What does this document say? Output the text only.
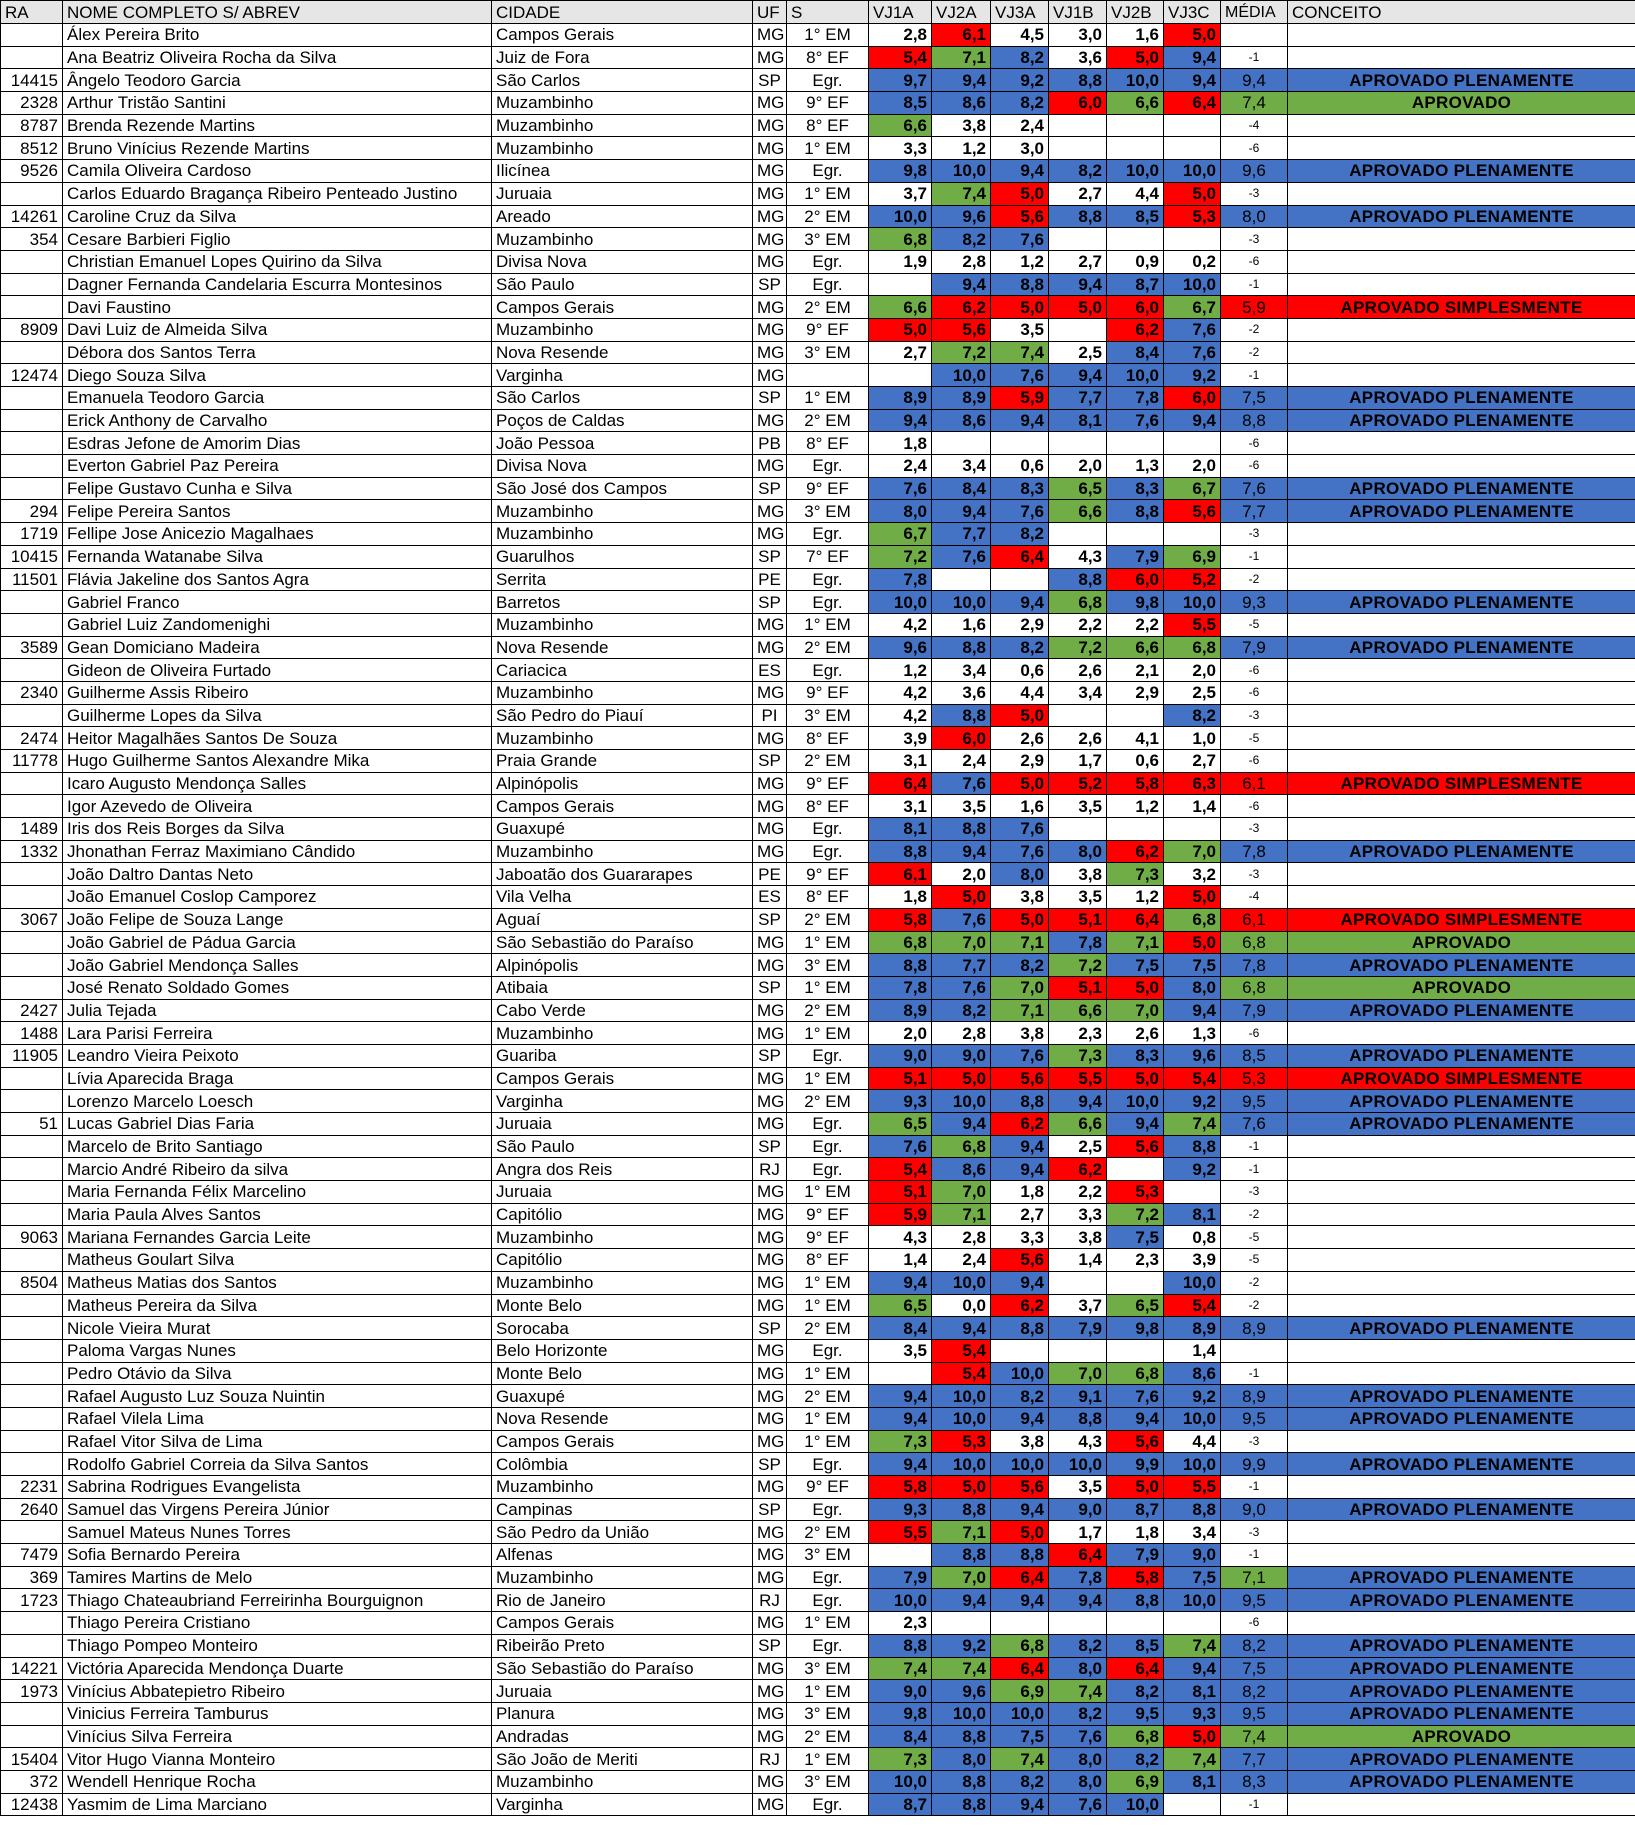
RA	NOME COMPLETO S/ ABREV	CIDADE	UF	S	VJ1A	VJ2A	VJ3A	VJ1B	VJ2B	VJ3C	MÉDIA	CONCEITO
	Álex Pereira Brito	Campos Gerais	MG	1° EM	2,8	6,1	4,5	3,0	1,6	5,0		
	Ana Beatriz Oliveira Rocha da Silva	Juiz de Fora	MG	8° EF	5,4	7,1	8,2	3,6	5,0	9,4	-1	
14415	Ângelo Teodoro Garcia	São Carlos	SP	Egr.	9,7	9,4	9,2	8,8	10,0	9,4	9,4	APROVADO PLENAMENTE
2328	Arthur Tristão Santini	Muzambinho	MG	9° EF	8,5	8,6	8,2	6,0	6,6	6,4	7,4	APROVADO
8787	Brenda Rezende Martins	Muzambinho	MG	8° EF	6,6	3,8	2,4				-4	
8512	Bruno Vinícius Rezende Martins	Muzambinho	MG	1° EM	3,3	1,2	3,0				-6	
9526	Camila Oliveira Cardoso	Ilicínea	MG	Egr.	9,8	10,0	9,4	8,2	10,0	10,0	9,6	APROVADO PLENAMENTE
	Carlos Eduardo Bragança Ribeiro Penteado Justino	Juruaia	MG	1° EM	3,7	7,4	5,0	2,7	4,4	5,0	-3	
14261	Caroline Cruz da Silva	Areado	MG	2° EM	10,0	9,6	5,6	8,8	8,5	5,3	8,0	APROVADO PLENAMENTE
354	Cesare Barbieri Figlio	Muzambinho	MG	3° EM	6,8	8,2	7,6				-3	
	Christian Emanuel Lopes Quirino da Silva	Divisa Nova	MG	Egr.	1,9	2,8	1,2	2,7	0,9	0,2	-6	
	Dagner Fernanda Candelaria Escurra Montesinos	São Paulo	SP	Egr.		9,4	8,8	9,4	8,7	10,0	-1	
	Davi Faustino	Campos Gerais	MG	2° EM	6,6	6,2	5,0	5,0	6,0	6,7	5,9	APROVADO SIMPLESMENTE
8909	Davi Luiz de Almeida Silva	Muzambinho	MG	9° EF	5,0	5,6	3,5		6,2	7,6	-2	
	Débora dos Santos Terra	Nova Resende	MG	3° EM	2,7	7,2	7,4	2,5	8,4	7,6	-2	
12474	Diego Souza Silva	Varginha	MG			10,0	7,6	9,4	10,0	9,2	-1	
	Emanuela Teodoro Garcia	São Carlos	SP	1° EM	8,9	8,9	5,9	7,7	7,8	6,0	7,5	APROVADO PLENAMENTE
	Erick Anthony de Carvalho	Poços de Caldas	MG	2° EM	9,4	8,6	9,4	8,1	7,6	9,4	8,8	APROVADO PLENAMENTE
	Esdras Jefone de Amorim Dias	João Pessoa	PB	8° EF	1,8						-6	
	Everton Gabriel Paz Pereira	Divisa Nova	MG	Egr.	2,4	3,4	0,6	2,0	1,3	2,0	-6	
	Felipe Gustavo Cunha e Silva	São José dos Campos	SP	9° EF	7,6	8,4	8,3	6,5	8,3	6,7	7,6	APROVADO PLENAMENTE
294	Felipe Pereira Santos	Muzambinho	MG	3° EM	8,0	9,4	7,6	6,6	8,8	5,6	7,7	APROVADO PLENAMENTE
1719	Fellipe Jose Anicezio Magalhaes	Muzambinho	MG	Egr.	6,7	7,7	8,2				-3	
10415	Fernanda Watanabe Silva	Guarulhos	SP	7° EF	7,2	7,6	6,4	4,3	7,9	6,9	-1	
11501	Flávia Jakeline dos Santos Agra	Serrita	PE	Egr.	7,8			8,8	6,0	5,2	-2	
	Gabriel Franco	Barretos	SP	Egr.	10,0	10,0	9,4	6,8	9,8	10,0	9,3	APROVADO PLENAMENTE
	Gabriel Luiz Zandomenighi	Muzambinho	MG	1° EM	4,2	1,6	2,9	2,2	2,2	5,5	-5	
3589	Gean Domiciano Madeira	Nova Resende	MG	2° EM	9,6	8,8	8,2	7,2	6,6	6,8	7,9	APROVADO PLENAMENTE
	Gideon de Oliveira Furtado	Cariacica	ES	Egr.	1,2	3,4	0,6	2,6	2,1	2,0	-6	
2340	Guilherme Assis Ribeiro	Muzambinho	MG	9° EF	4,2	3,6	4,4	3,4	2,9	2,5	-6	
	Guilherme Lopes da Silva	São Pedro do Piauí	PI	3° EM	4,2	8,8	5,0			8,2	-3	
2474	Heitor Magalhães Santos De Souza	Muzambinho	MG	8° EF	3,9	6,0	2,6	2,6	4,1	1,0	-5	
11778	Hugo Guilherme Santos Alexandre Mika	Praia Grande	SP	2° EM	3,1	2,4	2,9	1,7	0,6	2,7	-6	
	Icaro Augusto Mendonça Salles	Alpinópolis	MG	9° EF	6,4	7,6	5,0	5,2	5,8	6,3	6,1	APROVADO SIMPLESMENTE
	Igor Azevedo de Oliveira	Campos Gerais	MG	8° EF	3,1	3,5	1,6	3,5	1,2	1,4	-6	
1489	Iris dos Reis Borges da Silva	Guaxupé	MG	Egr.	8,1	8,8	7,6				-3	
1332	Jhonathan Ferraz Maximiano Cândido	Muzambinho	MG	Egr.	8,8	9,4	7,6	8,0	6,2	7,0	7,8	APROVADO PLENAMENTE
	João Daltro Dantas Neto	Jaboatão dos Guararapes	PE	9° EF	6,1	2,0	8,0	3,8	7,3	3,2	-3	
	João Emanuel Coslop Camporez	Vila Velha	ES	8° EF	1,8	5,0	3,8	3,5	1,2	5,0	-4	
3067	João Felipe de Souza Lange	Aguaí	SP	2° EM	5,8	7,6	5,0	5,1	6,4	6,8	6,1	APROVADO SIMPLESMENTE
	João Gabriel de Pádua Garcia	São Sebastião do Paraíso	MG	1° EM	6,8	7,0	7,1	7,8	7,1	5,0	6,8	APROVADO
	João Gabriel Mendonça Salles	Alpinópolis	MG	3° EM	8,8	7,7	8,2	7,2	7,5	7,5	7,8	APROVADO PLENAMENTE
	José Renato Soldado Gomes	Atibaia	SP	1° EM	7,8	7,6	7,0	5,1	5,0	8,0	6,8	APROVADO
2427	Julia Tejada	Cabo Verde	MG	2° EM	8,9	8,2	7,1	6,6	7,0	9,4	7,9	APROVADO PLENAMENTE
1488	Lara Parisi Ferreira	Muzambinho	MG	1° EM	2,0	2,8	3,8	2,3	2,6	1,3	-6	
11905	Leandro Vieira Peixoto	Guariba	SP	Egr.	9,0	9,0	7,6	7,3	8,3	9,6	8,5	APROVADO PLENAMENTE
	Lívia Aparecida Braga	Campos Gerais	MG	1° EM	5,1	5,0	5,6	5,5	5,0	5,4	5,3	APROVADO SIMPLESMENTE
	Lorenzo Marcelo Loesch	Varginha	MG	2° EM	9,3	10,0	8,8	9,4	10,0	9,2	9,5	APROVADO PLENAMENTE
51	Lucas Gabriel Dias Faria	Juruaia	MG	Egr.	6,5	9,4	6,2	6,6	9,4	7,4	7,6	APROVADO PLENAMENTE
	Marcelo de Brito Santiago	São Paulo	SP	Egr.	7,6	6,8	9,4	2,5	5,6	8,8	-1	
	Marcio André Ribeiro da silva	Angra dos Reis	RJ	Egr.	5,4	8,6	9,4	6,2		9,2	-1	
	Maria Fernanda Félix Marcelino	Juruaia	MG	1° EM	5,1	7,0	1,8	2,2	5,3		-3	
	Maria Paula Alves Santos	Capitólio	MG	9° EF	5,9	7,1	2,7	3,3	7,2	8,1	-2	
9063	Mariana Fernandes Garcia Leite	Muzambinho	MG	9° EF	4,3	2,8	3,3	3,8	7,5	0,8	-5	
	Matheus Goulart Silva	Capitólio	MG	8° EF	1,4	2,4	5,6	1,4	2,3	3,9	-5	
8504	Matheus Matias dos Santos	Muzambinho	MG	1° EM	9,4	10,0	9,4			10,0	-2	
	Matheus Pereira da Silva	Monte Belo	MG	1° EM	6,5	0,0	6,2	3,7	6,5	5,4	-2	
	Nicole Vieira Murat	Sorocaba	SP	2° EM	8,4	9,4	8,8	7,9	9,8	8,9	8,9	APROVADO PLENAMENTE
	Paloma Vargas Nunes	Belo Horizonte	MG	Egr.	3,5	5,4				1,4		
	Pedro Otávio da Silva	Monte Belo	MG	1° EM		5,4	10,0	7,0	6,8	8,6	-1	
	Rafael Augusto Luz Souza Nuintin	Guaxupé	MG	2° EM	9,4	10,0	8,2	9,1	7,6	9,2	8,9	APROVADO PLENAMENTE
	Rafael Vilela Lima	Nova Resende	MG	1° EM	9,4	10,0	9,4	8,8	9,4	10,0	9,5	APROVADO PLENAMENTE
	Rafael Vitor Silva de Lima	Campos Gerais	MG	1° EM	7,3	5,3	3,8	4,3	5,6	4,4	-3	
	Rodolfo Gabriel Correia da Silva Santos	Colômbia	SP	Egr.	9,4	10,0	10,0	10,0	9,9	10,0	9,9	APROVADO PLENAMENTE
2231	Sabrina Rodrigues Evangelista	Muzambinho	MG	9° EF	5,8	5,0	5,6	3,5	5,0	5,5	-1	
2640	Samuel das Virgens Pereira Júnior	Campinas	SP	Egr.	9,3	8,8	9,4	9,0	8,7	8,8	9,0	APROVADO PLENAMENTE
	Samuel Mateus Nunes Torres	São Pedro da União	MG	2° EM	5,5	7,1	5,0	1,7	1,8	3,4	-3	
7479	Sofia Bernardo Pereira	Alfenas	MG	3° EM		8,8	8,8	6,4	7,9	9,0	-1	
369	Tamires Martins de Melo	Muzambinho	MG	Egr.	7,9	7,0	6,4	7,8	5,8	7,5	7,1	APROVADO PLENAMENTE
1723	Thiago Chateaubriand Ferreirinha Bourguignon	Rio de Janeiro	RJ	Egr.	10,0	9,4	9,4	9,4	8,8	10,0	9,5	APROVADO PLENAMENTE
	Thiago Pereira Cristiano	Campos Gerais	MG	1° EM	2,3						-6	
	Thiago Pompeo Monteiro	Ribeirão Preto	SP	Egr.	8,8	9,2	6,8	8,2	8,5	7,4	8,2	APROVADO PLENAMENTE
14221	Victória Aparecida Mendonça Duarte	São Sebastião do Paraíso	MG	3° EM	7,4	7,4	6,4	8,0	6,4	9,4	7,5	APROVADO PLENAMENTE
1973	Vinícius Abbatepietro Ribeiro	Juruaia	MG	1° EM	9,0	9,6	6,9	7,4	8,2	8,1	8,2	APROVADO PLENAMENTE
	Vinicius Ferreira Tamburus	Planura	MG	3° EM	9,8	10,0	10,0	8,2	9,5	9,3	9,5	APROVADO PLENAMENTE
	Vinícius Silva Ferreira	Andradas	MG	2° EM	8,4	8,8	7,5	7,6	6,8	5,0	7,4	APROVADO
15404	Vitor Hugo Vianna Monteiro	São João de Meriti	RJ	1° EM	7,3	8,0	7,4	8,0	8,2	7,4	7,7	APROVADO PLENAMENTE
372	Wendell Henrique Rocha	Muzambinho	MG	3° EM	10,0	8,8	8,2	8,0	6,9	8,1	8,3	APROVADO PLENAMENTE
12438	Yasmim de Lima Marciano	Varginha	MG	Egr.	8,7	8,8	9,4	7,6	10,0		-1	
